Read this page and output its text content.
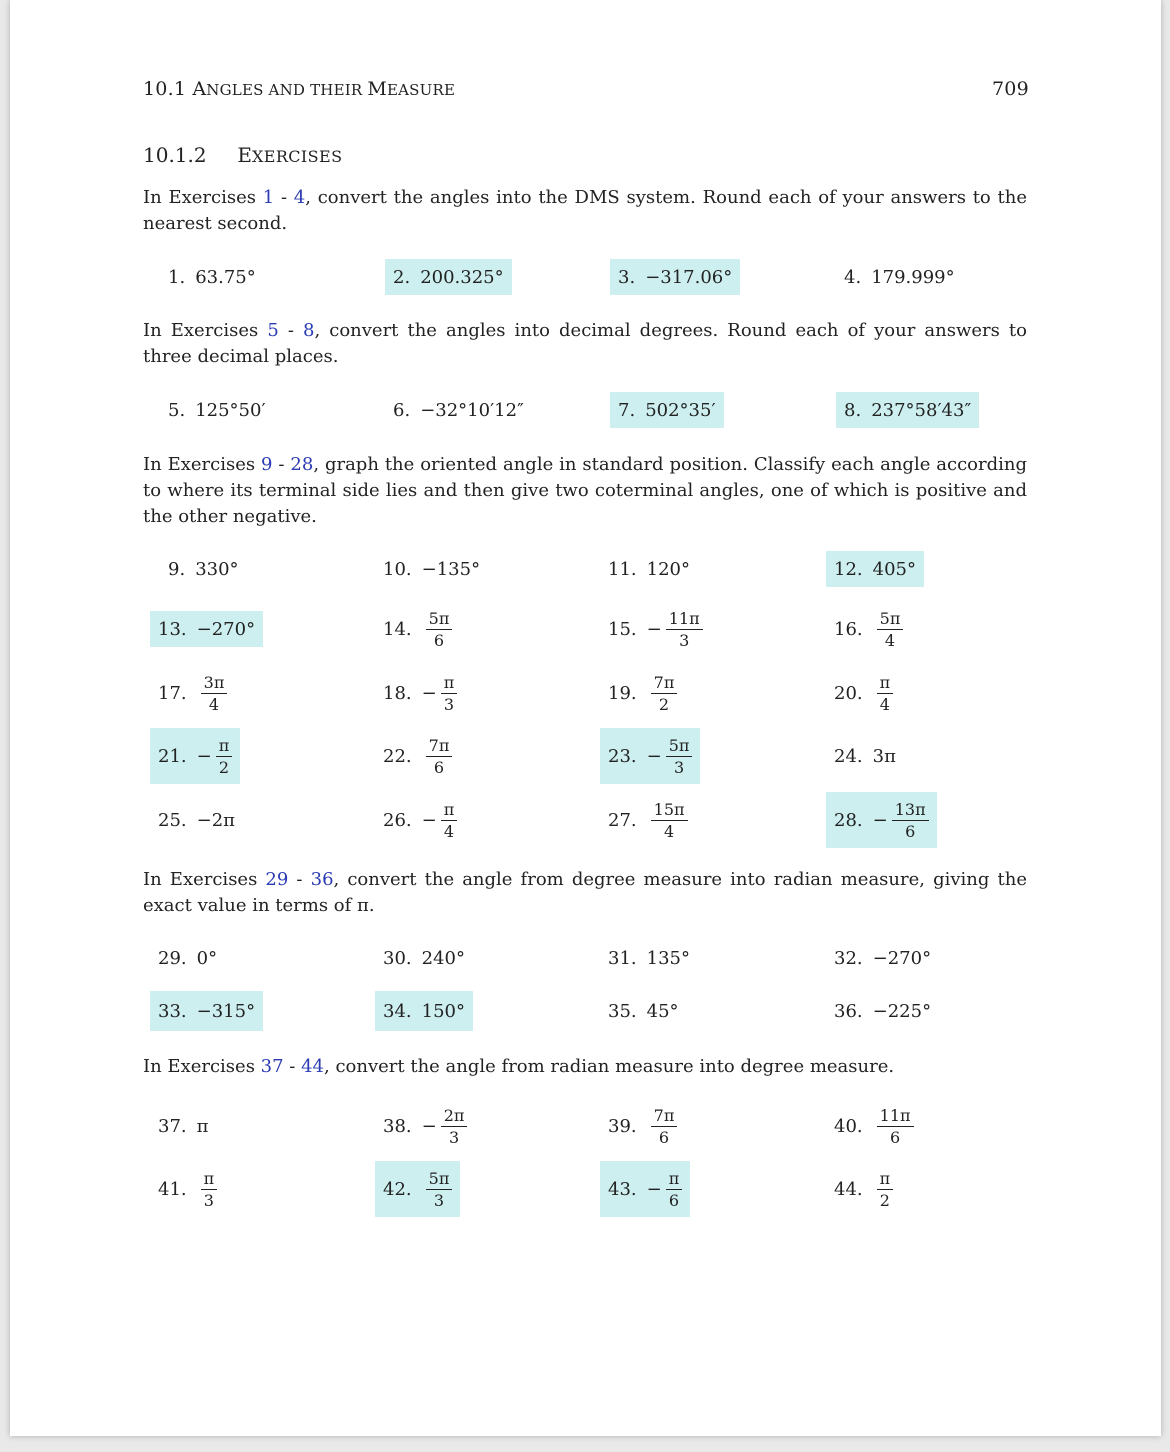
10.1 ANGLES AND THEIR MEASURE	709
10.1.2 EXERCISES
In Exercises 1 - 4, convert the angles into the DMS system. Round each of your answers to the nearest second.
1. 63.75°	2. 200.325°	3. −317.06°	4. 179.999°
In Exercises 5 - 8, convert the angles into decimal degrees. Round each of your answers to three decimal places.
5. 125°50′	6. −32°10′12″	7. 502°35′	8. 237°58′43″
In Exercises 9 - 28, graph the oriented angle in standard position. Classify each angle according to where its terminal side lies and then give two coterminal angles, one of which is positive and the other negative.
9. 330°	10. −135°	11. 120°	12. 405°
13. −270°	14. $\frac{5\pi}{6}$	15. − $\frac{11\pi}{3}$	16. $\frac{5\pi}{4}$
17. $\frac{3\pi}{4}$	18. − $\frac{\pi}{3}$	19. $\frac{7\pi}{2}$	20. $\frac{\pi}{4}$
21. − $\frac{\pi}{2}$	22. $\frac{7\pi}{6}$	23. − $\frac{5\pi}{3}$	24. 3π
25. −2π	26. − $\frac{\pi}{4}$	27. $\frac{15\pi}{4}$	28. − $\frac{13\pi}{6}$
In Exercises 29 - 36, convert the angle from degree measure into radian measure, giving the exact value in terms of π.
29. 0°	30. 240°	31. 135°	32. −270°
33. −315°	34. 150°	35. 45°	36. −225°
In Exercises 37 - 44, convert the angle from radian measure into degree measure.
37. π	38. − $\frac{2\pi}{3}$	39. $\frac{7\pi}{6}$	40. $\frac{11\pi}{6}$
41. $\frac{\pi}{3}$	42. $\frac{5\pi}{3}$	43. − $\frac{\pi}{6}$	44. $\frac{\pi}{2}$
